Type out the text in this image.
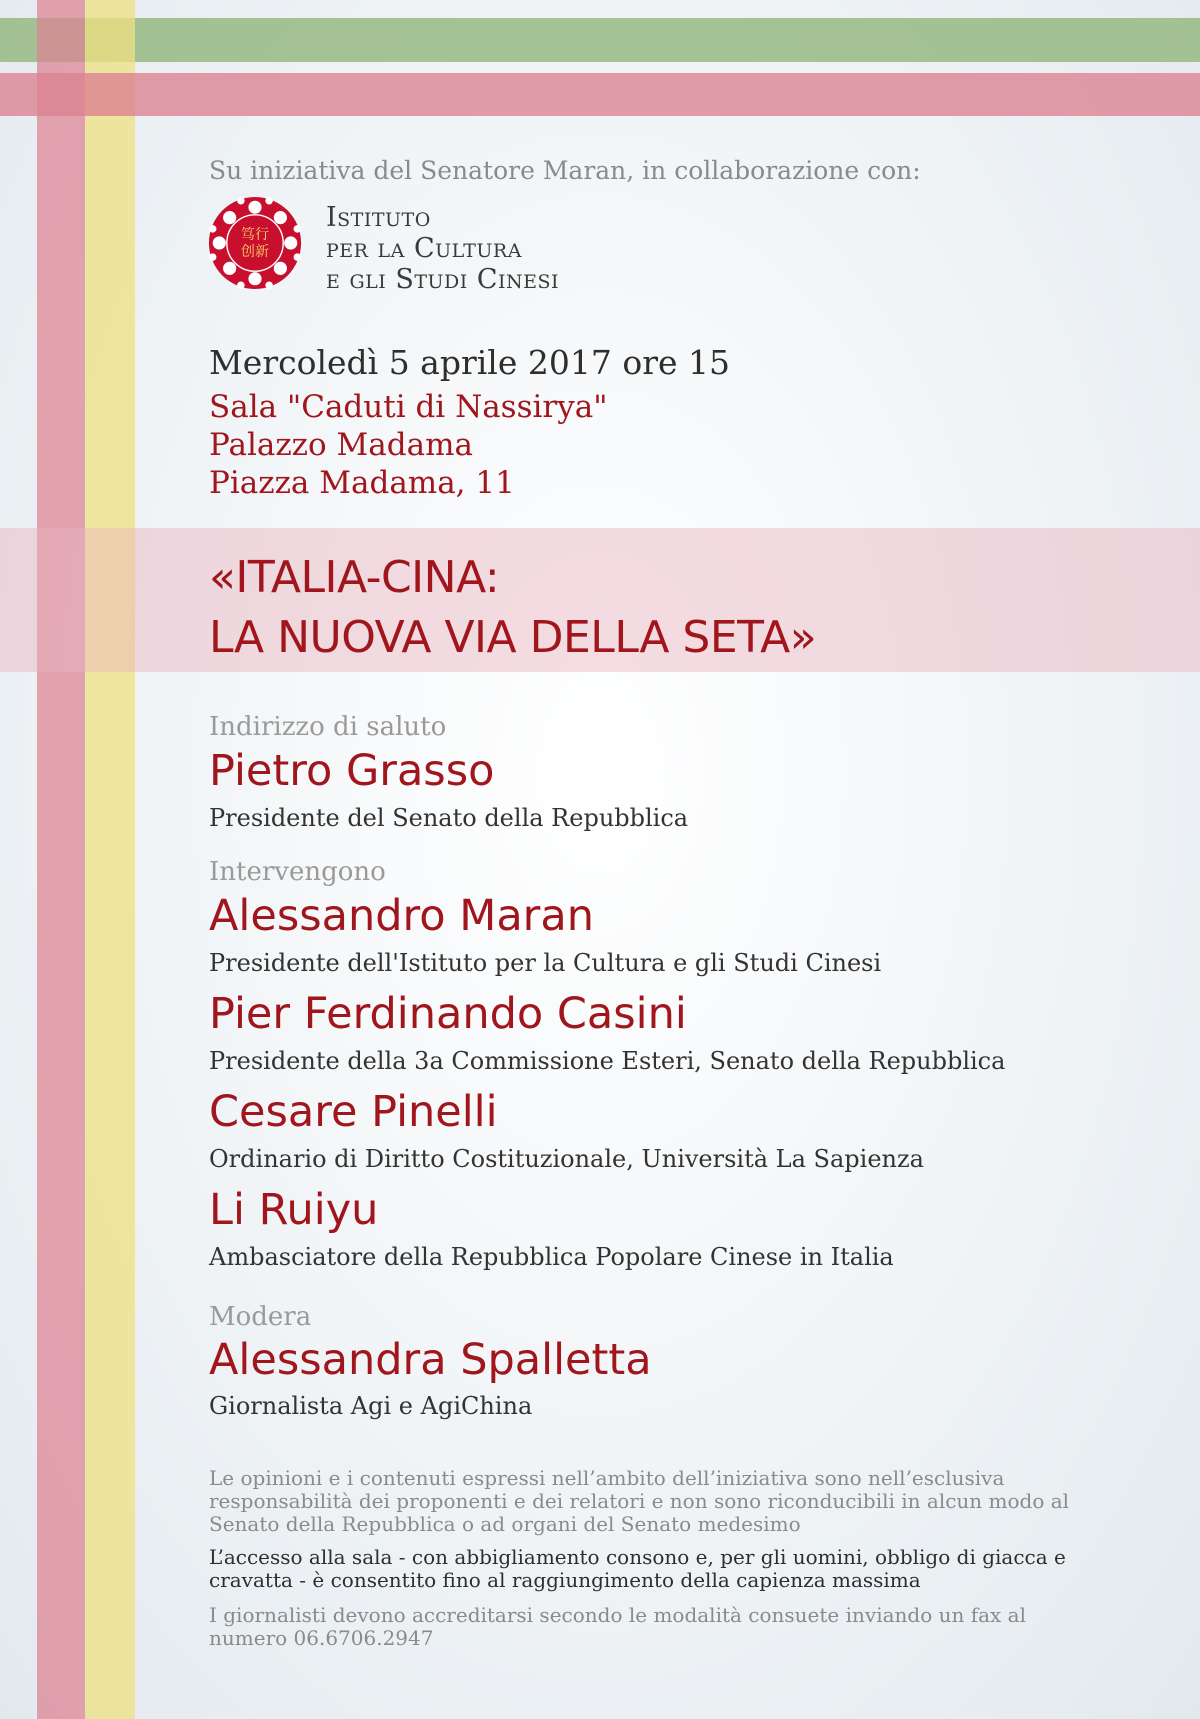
Su iniziativa del Senatore Maran, in collaborazione con:
笃行
创新
Istituto
per la Cultura
e gli Studi Cinesi
Mercoledì 5 aprile 2017 ore 15
Sala "Caduti di Nassirya"
Palazzo Madama
Piazza Madama, 11
«ITALIA-CINA:
LA NUOVA VIA DELLA SETA»
Indirizzo di saluto
Pietro Grasso
Presidente del Senato della Repubblica
Intervengono
Alessandro Maran
Presidente dell'Istituto per la Cultura e gli Studi Cinesi
Pier Ferdinando Casini
Presidente della 3a Commissione Esteri, Senato della Repubblica
Cesare Pinelli
Ordinario di Diritto Costituzionale, Università La Sapienza
Li Ruiyu
Ambasciatore della Repubblica Popolare Cinese in Italia
Modera
Alessandra Spalletta
Giornalista Agi e AgiChina
Le opinioni e i contenuti espressi nell’ambito dell’iniziativa sono nell’esclusiva responsabilità dei proponenti e dei relatori e non sono riconducibili in alcun modo al Senato della Repubblica o ad organi del Senato medesimo
L’accesso alla sala - con abbigliamento consono e, per gli uomini, obbligo di giacca e cravatta - è consentito fino al raggiungimento della capienza massima
I giornalisti devono accreditarsi secondo le modalità consuete inviando un fax al numero 06.6706.2947
